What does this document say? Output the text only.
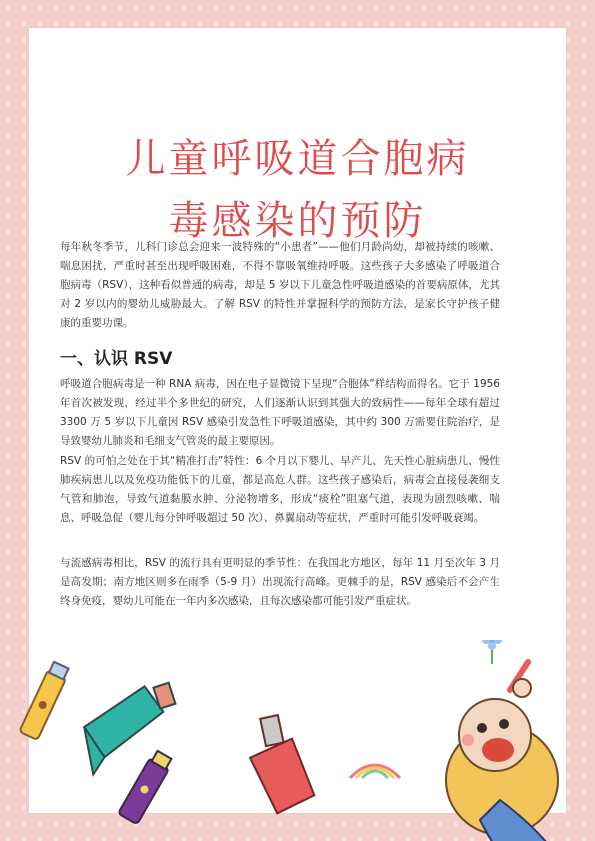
儿童呼吸道合胞病
毒感染的预防

每年秋冬季节，儿科门诊总会迎来一波特殊的“小患者”——他们月龄尚幼，却被持续的咳嗽、喘息困扰，严重时甚至出现呼吸困难，不得不靠吸氧维持呼吸。这些孩子大多感染了呼吸道合胞病毒（RSV），这种看似普通的病毒，却是 5 岁以下儿童急性呼吸道感染的首要病原体，尤其对 2 岁以内的婴幼儿威胁最大。了解 RSV 的特性并掌握科学的预防方法，是家长守护孩子健康的重要功课。

一、认识 RSV

呼吸道合胞病毒是一种 RNA 病毒，因在电子显微镜下呈现“合胞体”样结构而得名。它于 1956 年首次被发现，经过半个多世纪的研究，人们逐渐认识到其强大的致病性——每年全球有超过 3300 万 5 岁以下儿童因 RSV 感染引发急性下呼吸道感染，其中约 300 万需要住院治疗，是导致婴幼儿肺炎和毛细支气管炎的最主要原因。

RSV 的可怕之处在于其“精准打击”特性：6 个月以下婴儿、早产儿、先天性心脏病患儿、慢性肺疾病患儿以及免疫功能低下的儿童，都是高危人群。这些孩子感染后，病毒会直接侵袭细支气管和肺泡，导致气道黏膜水肿、分泌物增多，形成“痰栓”阻塞气道，表现为剧烈咳嗽、喘息、呼吸急促（婴儿每分钟呼吸超过 50 次）、鼻翼扇动等症状，严重时可能引发呼吸衰竭。

与流感病毒相比，RSV 的流行具有更明显的季节性：在我国北方地区，每年 11 月至次年 3 月是高发期；南方地区则多在雨季（5-9 月）出现流行高峰。更棘手的是，RSV 感染后不会产生终身免疫，婴幼儿可能在一年内多次感染，且每次感染都可能引发严重症状。
